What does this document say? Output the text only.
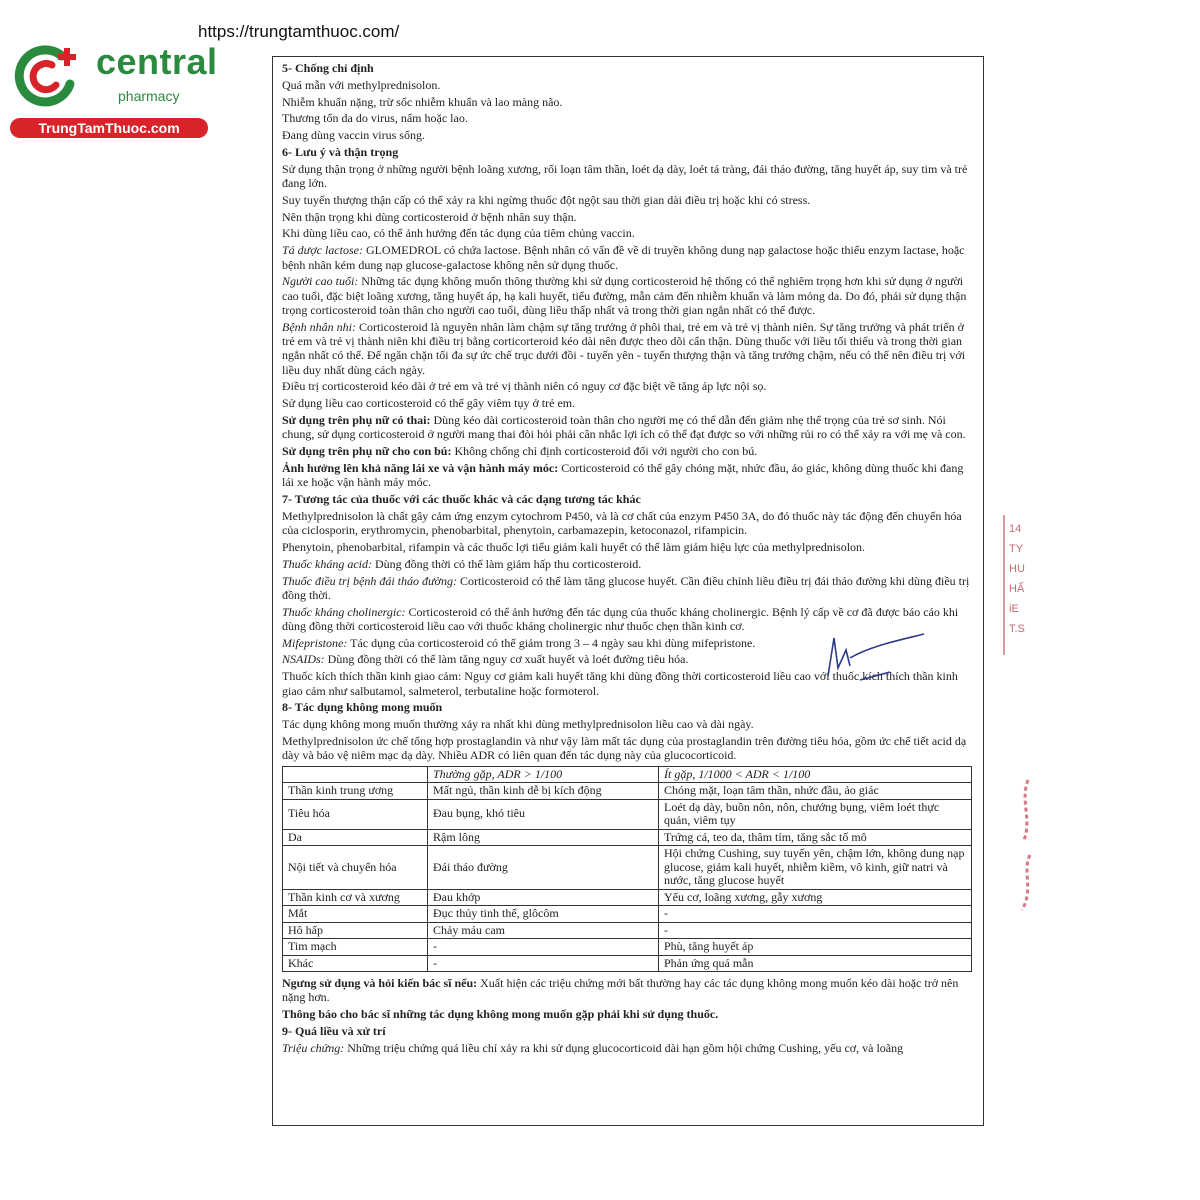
central
pharmacy
TrungTamThuoc.com
https://trungtamthuoc.com/

5- Chống chỉ định

Quá mẫn với methylprednisolon.

Nhiễm khuẩn nặng, trừ sốc nhiễm khuẩn và lao màng não.

Thương tổn da do virus, nấm hoặc lao.

Đang dùng vaccin virus sống.

6- Lưu ý và thận trọng

Sử dụng thận trọng ở những người bệnh loãng xương, rối loạn tâm thần, loét dạ dày, loét tá tràng, đái tháo đường, tăng huyết áp, suy tim và trẻ đang lớn.

Suy tuyến thượng thận cấp có thể xảy ra khi ngừng thuốc đột ngột sau thời gian dài điều trị hoặc khi có stress.

Nên thận trọng khi dùng corticosteroid ở bệnh nhân suy thận.

Khi dùng liều cao, có thể ảnh hưởng đến tác dụng của tiêm chủng vaccin.

Tá dược lactose: GLOMEDROL có chứa lactose. Bệnh nhân có vấn đề về di truyền không dung nạp galactose hoặc thiếu enzym lactase, hoặc bệnh nhân kém dung nạp glucose-galactose không nên sử dụng thuốc.

Người cao tuổi: Những tác dụng không muốn thông thường khi sử dụng corticosteroid hệ thống có thể nghiêm trọng hơn khi sử dụng ở người cao tuổi, đặc biệt loãng xương, tăng huyết áp, hạ kali huyết, tiểu đường, mẫn cảm đến nhiễm khuẩn và làm mỏng da. Do đó, phải sử dụng thận trọng corticosteroid toàn thân cho người cao tuổi, dùng liều thấp nhất và trong thời gian ngắn nhất có thể được.

Bệnh nhân nhi: Corticosteroid là nguyên nhân làm chậm sự tăng trưởng ở phôi thai, trẻ em và trẻ vị thành niên. Sự tăng trưởng và phát triển ở trẻ em và trẻ vị thành niên khi điều trị bằng corticorteroid kéo dài nên được theo dõi cẩn thận. Dùng thuốc với liều tối thiểu và trong thời gian ngắn nhất có thể. Để ngăn chặn tối đa sự ức chế trục dưới đồi - tuyến yên - tuyến thượng thận và tăng trưởng chậm, nếu có thể nên điều trị với liều duy nhất dùng cách ngày.

Điều trị corticosteroid kéo dài ở trẻ em và trẻ vị thành niên có nguy cơ đặc biệt về tăng áp lực nội sọ.

Sử dụng liều cao corticosteroid có thể gây viêm tụy ở trẻ em.

Sử dụng trên phụ nữ có thai: Dùng kéo dài corticosteroid toàn thân cho người mẹ có thể dẫn đến giảm nhẹ thể trọng của trẻ sơ sinh. Nói chung, sử dụng corticosteroid ở người mang thai đòi hỏi phải cân nhắc lợi ích có thể đạt được so với những rủi ro có thể xảy ra với mẹ và con.

Sử dụng trên phụ nữ cho con bú: Không chống chỉ định corticosteroid đối với người cho con bú.

Ảnh hưởng lên khả năng lái xe và vận hành máy móc: Corticosteroid có thể gây chóng mặt, nhức đầu, ảo giác, không dùng thuốc khi đang lái xe hoặc vận hành máy móc.

7- Tương tác của thuốc với các thuốc khác và các dạng tương tác khác

Methylprednisolon là chất gây cảm ứng enzym cytochrom P450, và là cơ chất của enzym P450 3A, do đó thuốc này tác động đến chuyển hóa của ciclosporin, erythromycin, phenobarbital, phenytoin, carbamazepin, ketoconazol, rifampicin.

Phenytoin, phenobarbital, rifampin và các thuốc lợi tiểu giảm kali huyết có thể làm giảm hiệu lực của methylprednisolon.

Thuốc kháng acid: Dùng đồng thời có thể làm giảm hấp thu corticosteroid.

Thuốc điều trị bệnh đái tháo đường: Corticosteroid có thể làm tăng glucose huyết. Cần điều chỉnh liều điều trị đái tháo đường khi dùng điều trị đồng thời.

Thuốc kháng cholinergic: Corticosteroid có thể ảnh hưởng đến tác dụng của thuốc kháng cholinergic. Bệnh lý cấp về cơ đã được báo cáo khi dùng đồng thời corticosteroid liều cao với thuốc kháng cholinergic như thuốc chẹn thần kinh cơ.

Mifepristone: Tác dụng của corticosteroid có thể giảm trong 3 – 4 ngày sau khi dùng mifepristone.

NSAIDs: Dùng đồng thời có thể làm tăng nguy cơ xuất huyết và loét đường tiêu hóa.

Thuốc kích thích thần kinh giao cảm: Nguy cơ giảm kali huyết tăng khi dùng đồng thời corticosteroid liều cao với thuốc kích thích thần kinh giao cảm như salbutamol, salmeterol, terbutaline hoặc formoterol.

8- Tác dụng không mong muốn

Tác dụng không mong muốn thường xảy ra nhất khi dùng methylprednisolon liều cao và dài ngày.

Methylprednisolon ức chế tổng hợp prostaglandin và như vậy làm mất tác dụng của prostaglandin trên đường tiêu hóa, gồm ức chế tiết acid dạ dày và bảo vệ niêm mạc dạ dày. Nhiều ADR có liên quan đến tác dụng này của glucocorticoid.

	Thường gặp, ADR > 1/100	Ít gặp, 1/1000 < ADR < 1/100
Thần kinh trung ương	Mất ngủ, thần kinh dễ bị kích động	Chóng mặt, loạn tâm thần, nhức đầu, ảo giác
Tiêu hóa	Đau bụng, khó tiêu	Loét dạ dày, buồn nôn, nôn, chướng bụng, viêm loét thực quản, viêm tụy
Da	Rậm lông	Trứng cá, teo da, thâm tím, tăng sắc tố mô
Nội tiết và chuyển hóa	Đái tháo đường	Hội chứng Cushing, suy tuyến yên, chậm lớn, không dung nạp glucose, giảm kali huyết, nhiễm kiềm, vô kinh, giữ natri và nước, tăng glucose huyết
Thần kinh cơ và xương	Đau khớp	Yếu cơ, loãng xương, gẫy xương
Mắt	Đục thủy tinh thể, glôcôm	-
Hô hấp	Chảy máu cam	-
Tim mạch	-	Phù, tăng huyết áp
Khác	-	Phản ứng quá mẫn

Ngưng sử dụng và hỏi kiến bác sĩ nếu: Xuất hiện các triệu chứng mới bất thường hay các tác dụng không mong muốn kéo dài hoặc trở nên nặng hơn.

Thông báo cho bác sĩ những tác dụng không mong muốn gặp phải khi sử dụng thuốc.

9- Quá liều và xử trí

Triệu chứng: Những triệu chứng quá liều chỉ xảy ra khi sử dụng glucocorticoid dài hạn gồm hội chứng Cushing, yếu cơ, và loãng

14
TY
HU
HẤ
iE
T.S
